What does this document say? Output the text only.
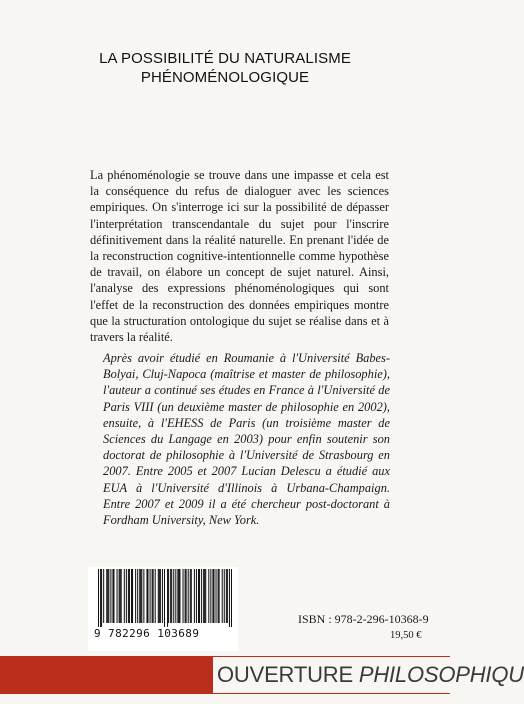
LA POSSIBILITÉ DU NATURALISME
PHÉNOMÉNOLOGIQUE

La phénoménologie se trouve dans une impasse et cela est la conséquence du refus de dialoguer avec les sciences empiriques. On s'interroge ici sur la possibilité de dépasser l'interprétation transcendantale du sujet pour l'inscrire définitivement dans la réalité naturelle. En prenant l'idée de la reconstruction cognitive-intentionnelle comme hypothèse de travail, on élabore un concept de sujet naturel. Ainsi, l'analyse des expressions phénoménologiques qui sont l'effet de la reconstruction des données empiriques montre que la structuration ontologique du sujet se réalise dans et à travers la réalité.

Après avoir étudié en Roumanie à l'Université Babes-Bolyai, Cluj-Napoca (maîtrise et master de philosophie), l'auteur a continué ses études en France à l'Université de Paris VIII (un deuxième master de philosophie en 2002), ensuite, à l'EHESS de Paris (un troisième master de Sciences du Langage en 2003) pour enfin soutenir son doctorat de philosophie à l'Université de Strasbourg en 2007. Entre 2005 et 2007 Lucian Delescu a étudié aux EUA à l'Université d'Illinois à Urbana-Champaign. Entre 2007 et 2009 il a été chercheur post-doctorant à Fordham University, New York.

9 782296 103689
ISBN : 978-2-296-10368-9
19,50 €
OUVERTURE PHILOSOPHIQU
